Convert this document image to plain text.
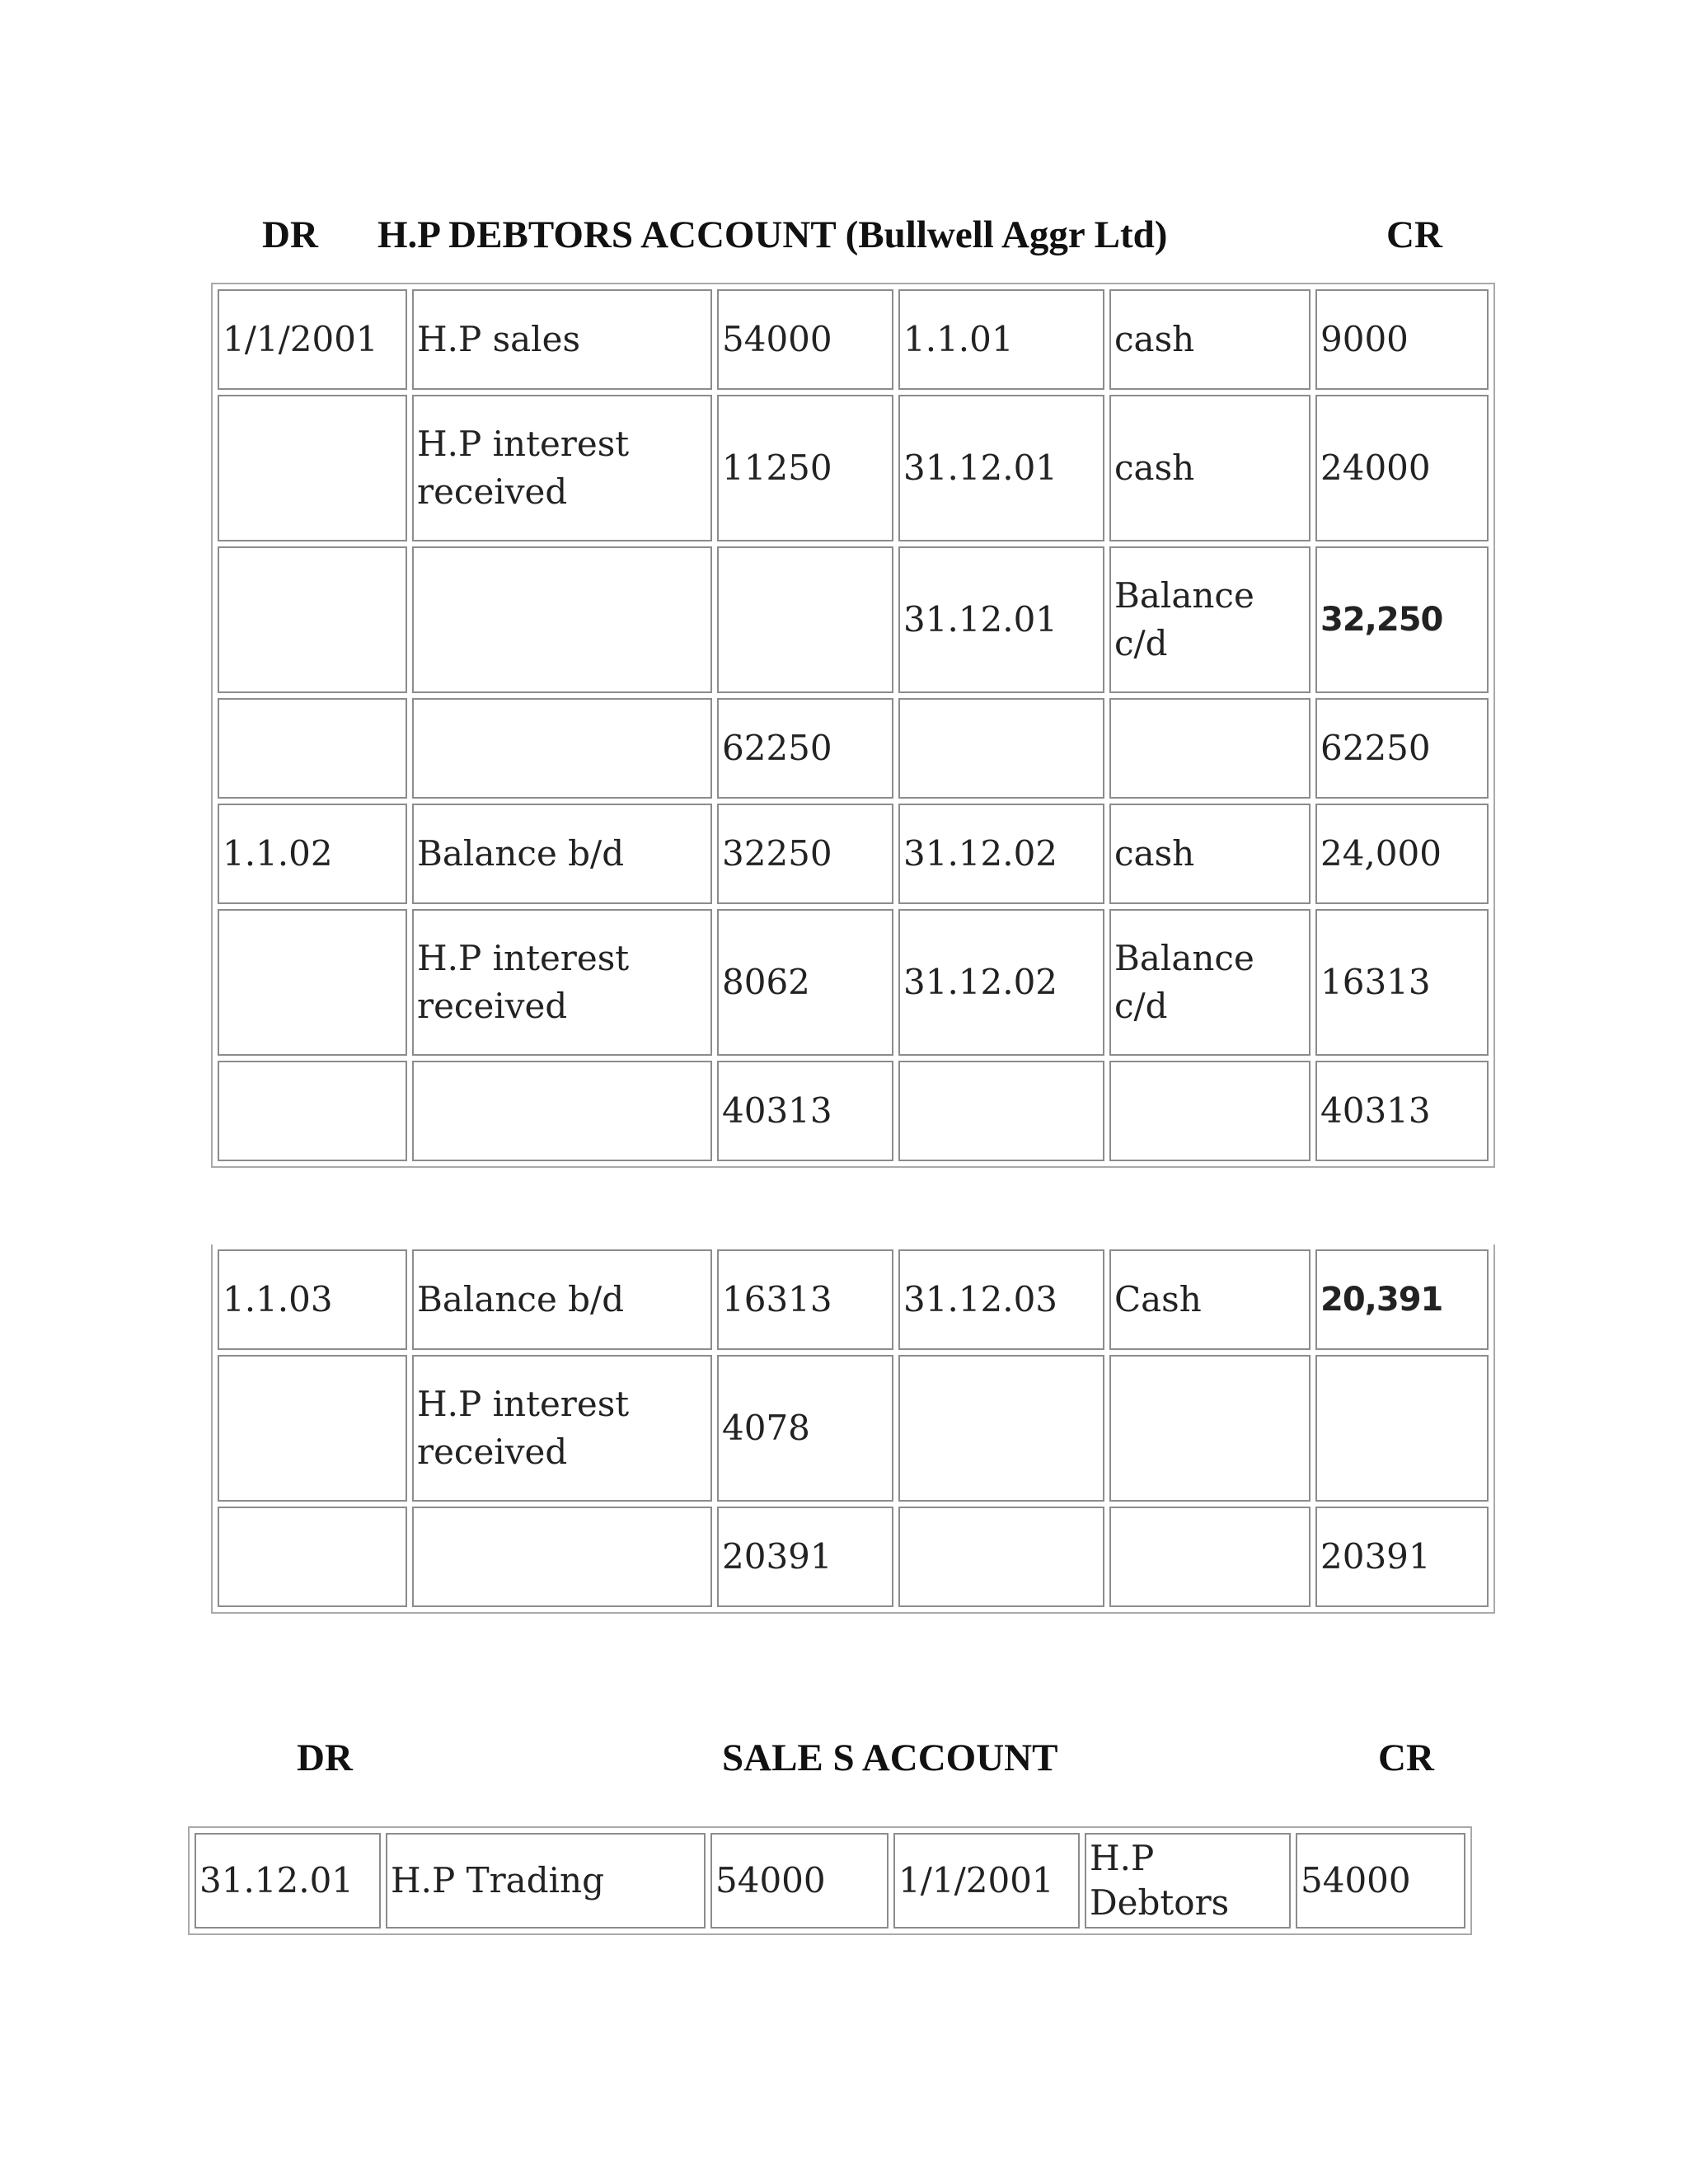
DR H.P DEBTORS ACCOUNT (Bullwell Aggr Ltd)	CR
1/1/2001	H.P sales	54000	1.1.01	cash	9000
	H.P interest received	11250	31.12.01	cash	24000
			31.12.01	Balance c/d	32,250
		62250			62250
1.1.02	Balance b/d	32250	31.12.02	cash	24,000
	H.P interest received	8062	31.12.02	Balance c/d	16313
		40313			40313
1.1.03	Balance b/d	16313	31.12.03	Cash	20,391
	H.P interest received	4078			
		20391			20391
DR	SALE S ACCOUNT	CR
31.12.01	H.P Trading	54000	1/1/2001	H.P Debtors	54000
